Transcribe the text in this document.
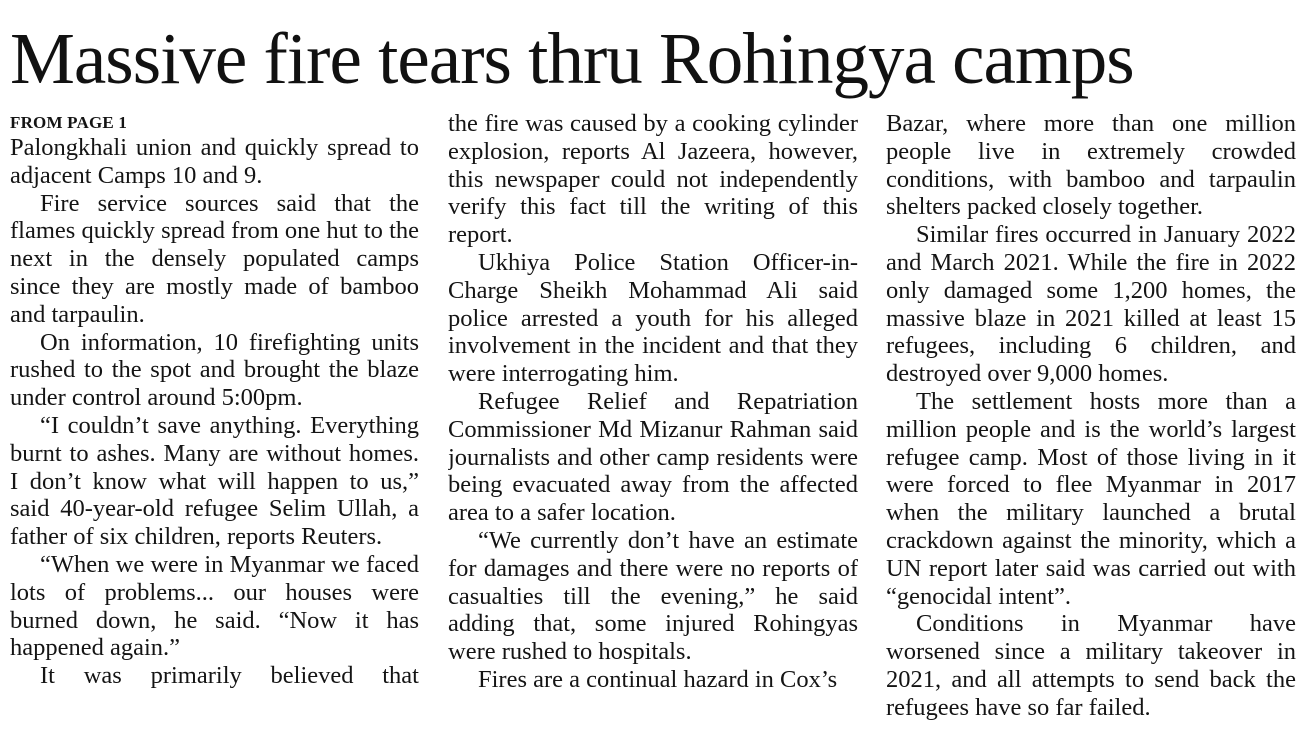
Massive fire tears thru Rohingya camps
FROM PAGE 1

Palongkhali union and quickly spread to adjacent Camps 10 and 9.

Fire service sources said that the flames quickly spread from one hut to the next in the densely populated camps since they are mostly made of bamboo and tarpaulin.

On information, 10 firefighting units rushed to the spot and brought the blaze under control around 5:00pm.

“I couldn’t save anything. Everything burnt to ashes. Many are without homes. I don’t know what will happen to us,” said 40-year-old refugee Selim Ullah, a father of six children, reports Reuters.

“When we were in Myanmar we faced lots of problems... our houses were burned down, he said. “Now it has happened again.”

It was primarily believed that

the fire was caused by a cooking cylinder explosion, reports Al Jazeera, however, this newspaper could not independently verify this fact till the writing of this report.

Ukhiya Police Station Officer-in-Charge Sheikh Mohammad Ali said police arrested a youth for his alleged involvement in the incident and that they were interrogating him.

Refugee Relief and Repatriation Commissioner Md Mizanur Rahman said journalists and other camp residents were being evacuated away from the affected area to a safer location.

“We currently don’t have an estimate for damages and there were no reports of casualties till the evening,” he said adding that, some injured Rohingyas were rushed to hospitals.

Fires are a continual hazard in Cox’s

Bazar, where more than one million people live in extremely crowded conditions, with bamboo and tarpaulin shelters packed closely together.

Similar fires occurred in January 2022 and March 2021. While the fire in 2022 only damaged some 1,200 homes, the massive blaze in 2021 killed at least 15 refugees, including 6 children, and destroyed over 9,000 homes.

The settlement hosts more than a million people and is the world’s largest refugee camp. Most of those living in it were forced to flee Myanmar in 2017 when the military launched a brutal crackdown against the minority, which a UN report later said was carried out with “genocidal intent”.

Conditions in Myanmar have worsened since a military takeover in 2021, and all attempts to send back the refugees have so far failed.
